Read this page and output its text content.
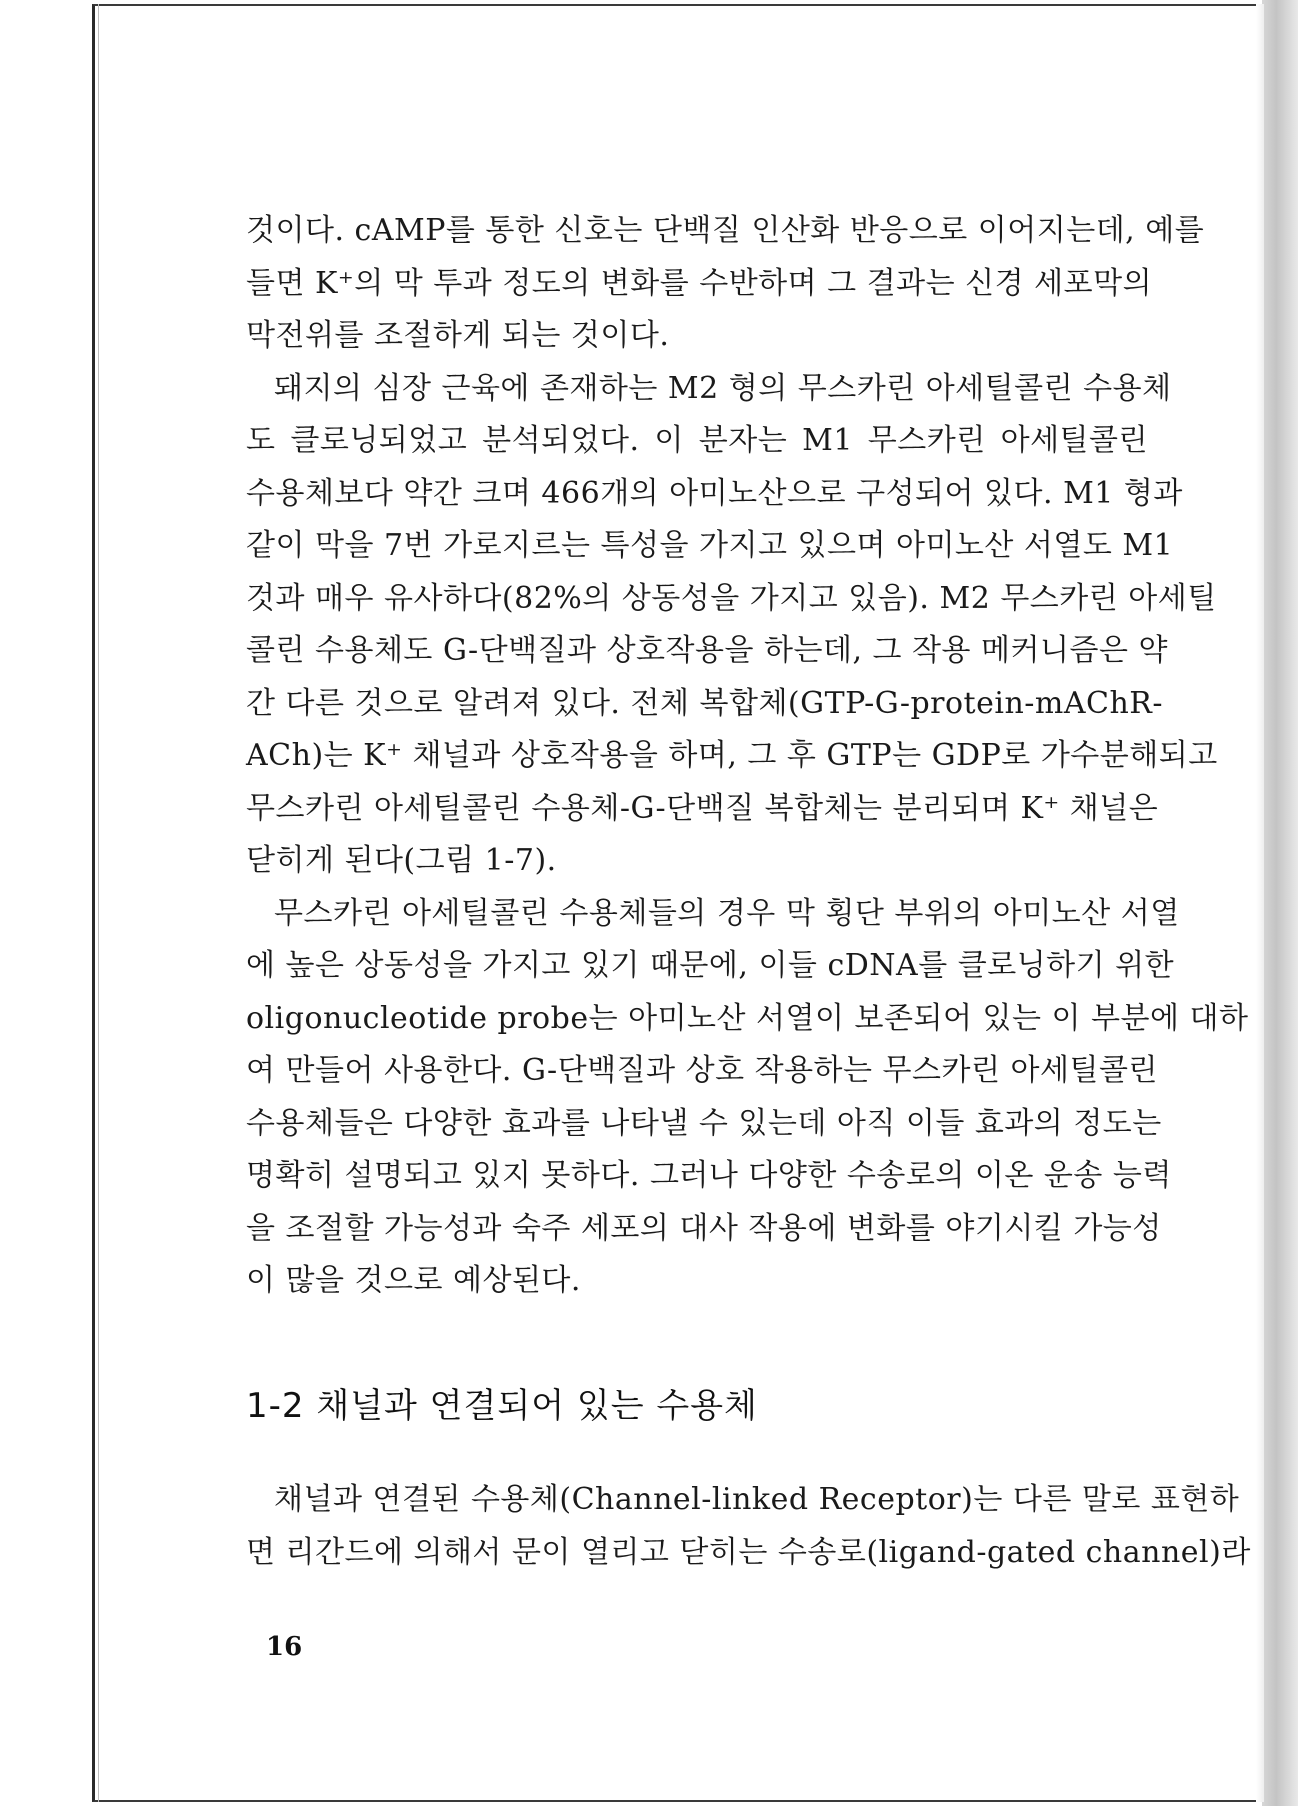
것이다. cAMP를 통한 신호는 단백질 인산화 반응으로 이어지는데, 예를
들면 K⁺의 막 투과 정도의 변화를 수반하며 그 결과는 신경 세포막의
막전위를 조절하게 되는 것이다.

돼지의 심장 근육에 존재하는 M2 형의 무스카린 아세틸콜린 수용체
도 클로닝되었고 분석되었다. 이 분자는 M1 무스카린 아세틸콜린
수용체보다 약간 크며 466개의 아미노산으로 구성되어 있다. M1 형과
같이 막을 7번 가로지르는 특성을 가지고 있으며 아미노산 서열도 M1
것과 매우 유사하다(82%의 상동성을 가지고 있음). M2 무스카린 아세틸
콜린 수용체도 G-단백질과 상호작용을 하는데, 그 작용 메커니즘은 약
간 다른 것으로 알려져 있다. 전체 복합체(GTP-G-protein-mAChR-
ACh)는 K⁺ 채널과 상호작용을 하며, 그 후 GTP는 GDP로 가수분해되고
무스카린 아세틸콜린 수용체-G-단백질 복합체는 분리되며 K⁺ 채널은
닫히게 된다(그림 1-7).

무스카린 아세틸콜린 수용체들의 경우 막 횡단 부위의 아미노산 서열
에 높은 상동성을 가지고 있기 때문에, 이들 cDNA를 클로닝하기 위한
oligonucleotide probe는 아미노산 서열이 보존되어 있는 이 부분에 대하
여 만들어 사용한다. G-단백질과 상호 작용하는 무스카린 아세틸콜린
수용체들은 다양한 효과를 나타낼 수 있는데 아직 이들 효과의 정도는
명확히 설명되고 있지 못하다. 그러나 다양한 수송로의 이온 운송 능력
을 조절할 가능성과 숙주 세포의 대사 작용에 변화를 야기시킬 가능성
이 많을 것으로 예상된다.

1-2 채널과 연결되어 있는 수용체

채널과 연결된 수용체(Channel-linked Receptor)는 다른 말로 표현하
면 리간드에 의해서 문이 열리고 닫히는 수송로(ligand-gated channel)라

16
